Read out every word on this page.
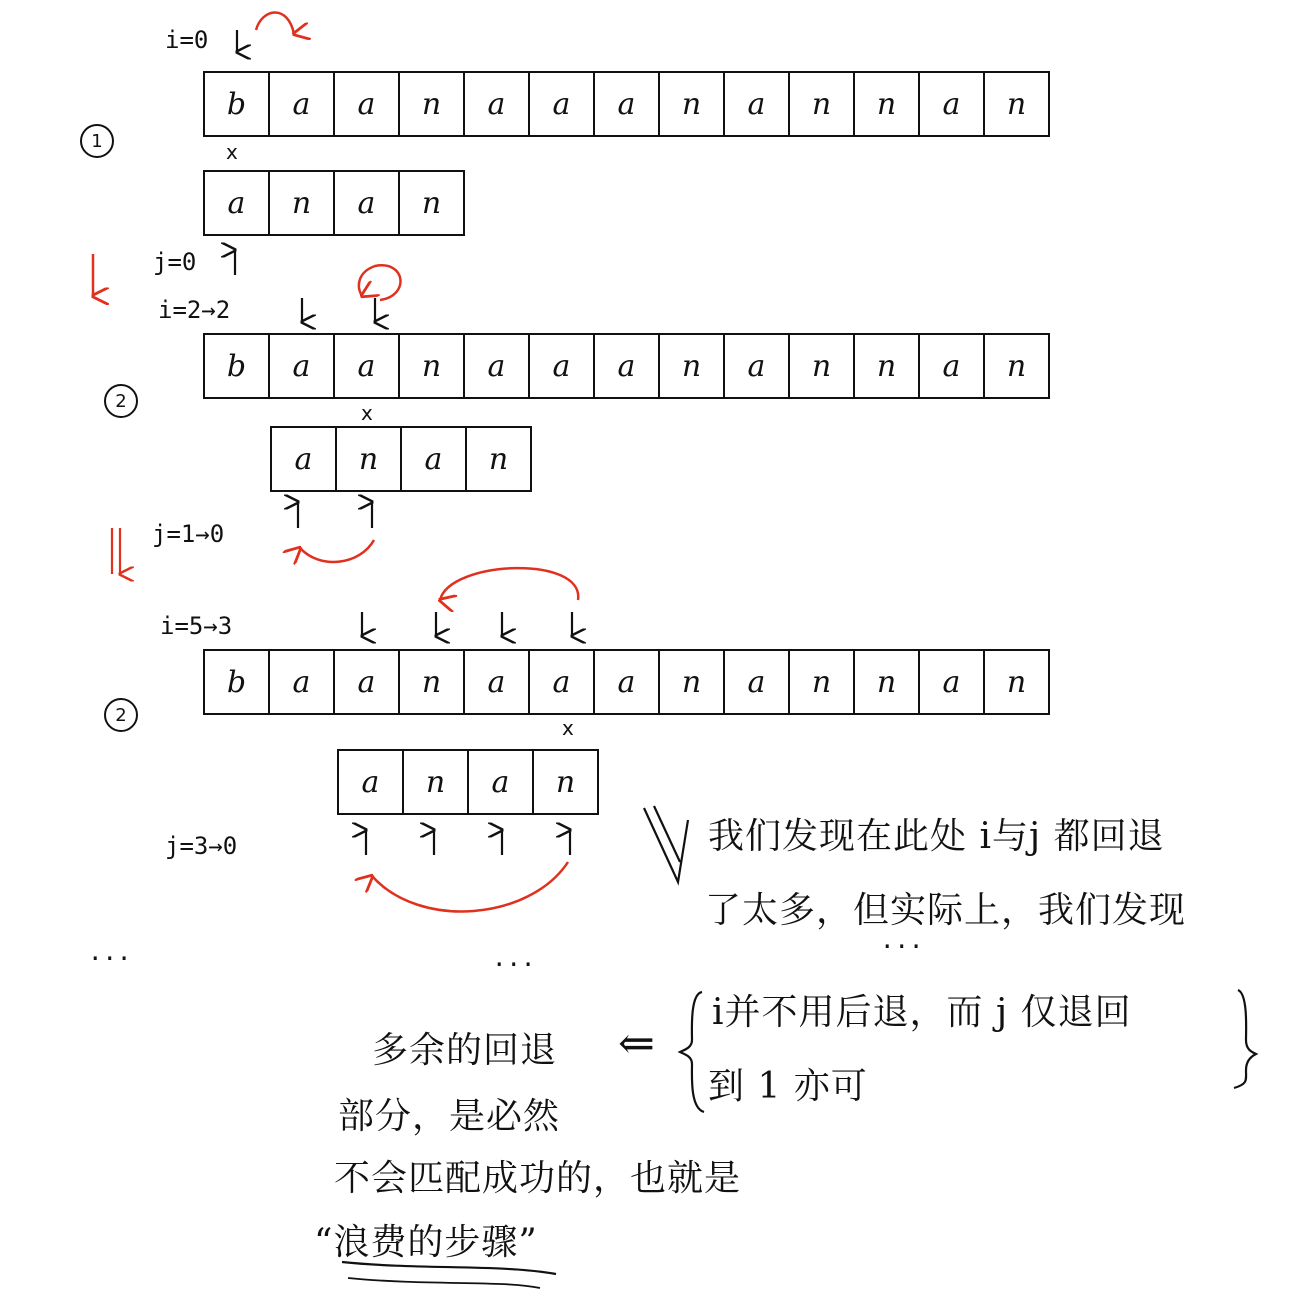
1
i=0
b	a	a	n	a	a	a	n	a	n	n	a	n
x
a	n	a	n
j=0
2
i=2→2
b	a	a	n	a	a	a	n	a	n	n	a	n
x
a	n	a	n
j=1→0
2
i=5→3
b	a	a	n	a	a	a	n	a	n	n	a	n
x
a	n	a	n
j=3→0
...	...
...
我们发现在此处 i与j 都回退
了太多，但实际上，我们发现
i并不用后退，而 j 仅退回
到 1 亦可
⇐
多余的回退
部分，是必然
不会匹配成功的，也就是
“浪费的步骤”
